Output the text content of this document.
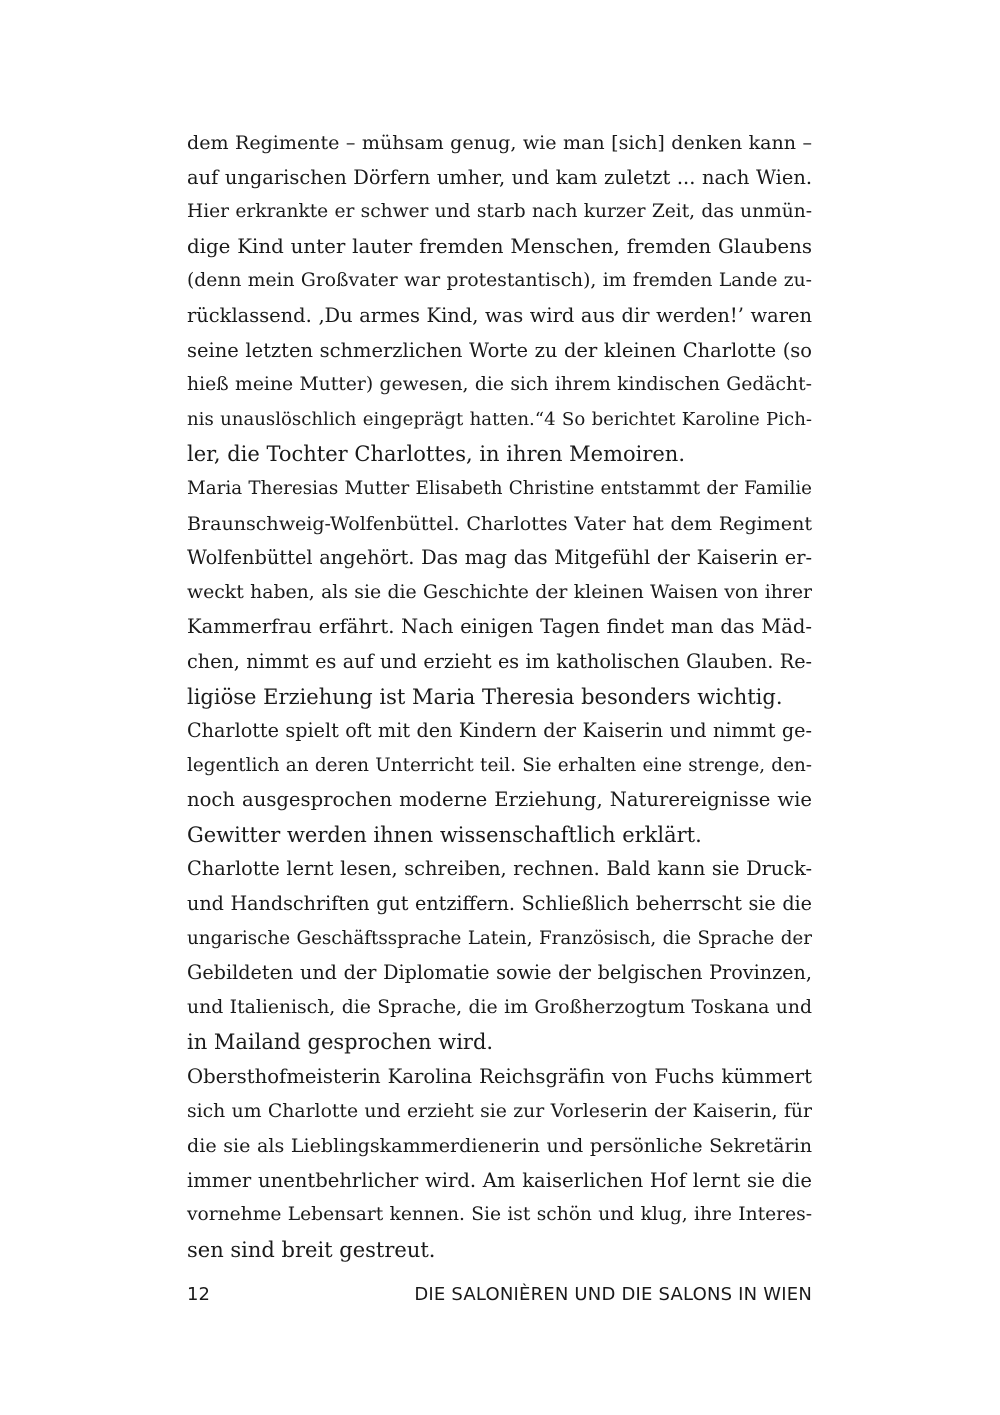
dem Regimente – mühsam genug, wie man [sich] denken kann –
auf ungarischen Dörfern umher, und kam zuletzt ... nach Wien.
Hier erkrankte er schwer und starb nach kurzer Zeit, das unmün-
dige Kind unter lauter fremden Menschen, fremden Glaubens
(denn mein Großvater war protestantisch), im fremden Lande zu-
rücklassend. ‚Du armes Kind, was wird aus dir werden!’ waren
seine letzten schmerzlichen Worte zu der kleinen Charlotte (so
hieß meine Mutter) gewesen, die sich ihrem kindischen Gedächt-
nis unauslöschlich eingeprägt hatten.“4 So berichtet Karoline Pich-
ler, die Tochter Charlottes, in ihren Memoiren.
Maria Theresias Mutter Elisabeth Christine entstammt der Familie
Braunschweig-Wolfenbüttel. Charlottes Vater hat dem Regiment
Wolfenbüttel angehört. Das mag das Mitgefühl der Kaiserin er-
weckt haben, als sie die Geschichte der kleinen Waisen von ihrer
Kammerfrau erfährt. Nach einigen Tagen findet man das Mäd-
chen, nimmt es auf und erzieht es im katholischen Glauben. Re-
ligiöse Erziehung ist Maria Theresia besonders wichtig.
Charlotte spielt oft mit den Kindern der Kaiserin und nimmt ge-
legentlich an deren Unterricht teil. Sie erhalten eine strenge, den-
noch ausgesprochen moderne Erziehung, Naturereignisse wie
Gewitter werden ihnen wissenschaftlich erklärt.
Charlotte lernt lesen, schreiben, rechnen. Bald kann sie Druck-
und Handschriften gut entziffern. Schließlich beherrscht sie die
ungarische Geschäftssprache Latein, Französisch, die Sprache der
Gebildeten und der Diplomatie sowie der belgischen Provinzen,
und Italienisch, die Sprache, die im Großherzogtum Toskana und
in Mailand gesprochen wird.
Obersthofmeisterin Karolina Reichsgräfin von Fuchs kümmert
sich um Charlotte und erzieht sie zur Vorleserin der Kaiserin, für
die sie als Lieblingskammerdienerin und persönliche Sekretärin
immer unentbehrlicher wird. Am kaiserlichen Hof lernt sie die
vornehme Lebensart kennen. Sie ist schön und klug, ihre Interes-
sen sind breit gestreut.
12	DIE SALONIÈREN UND DIE SALONS IN WIEN
